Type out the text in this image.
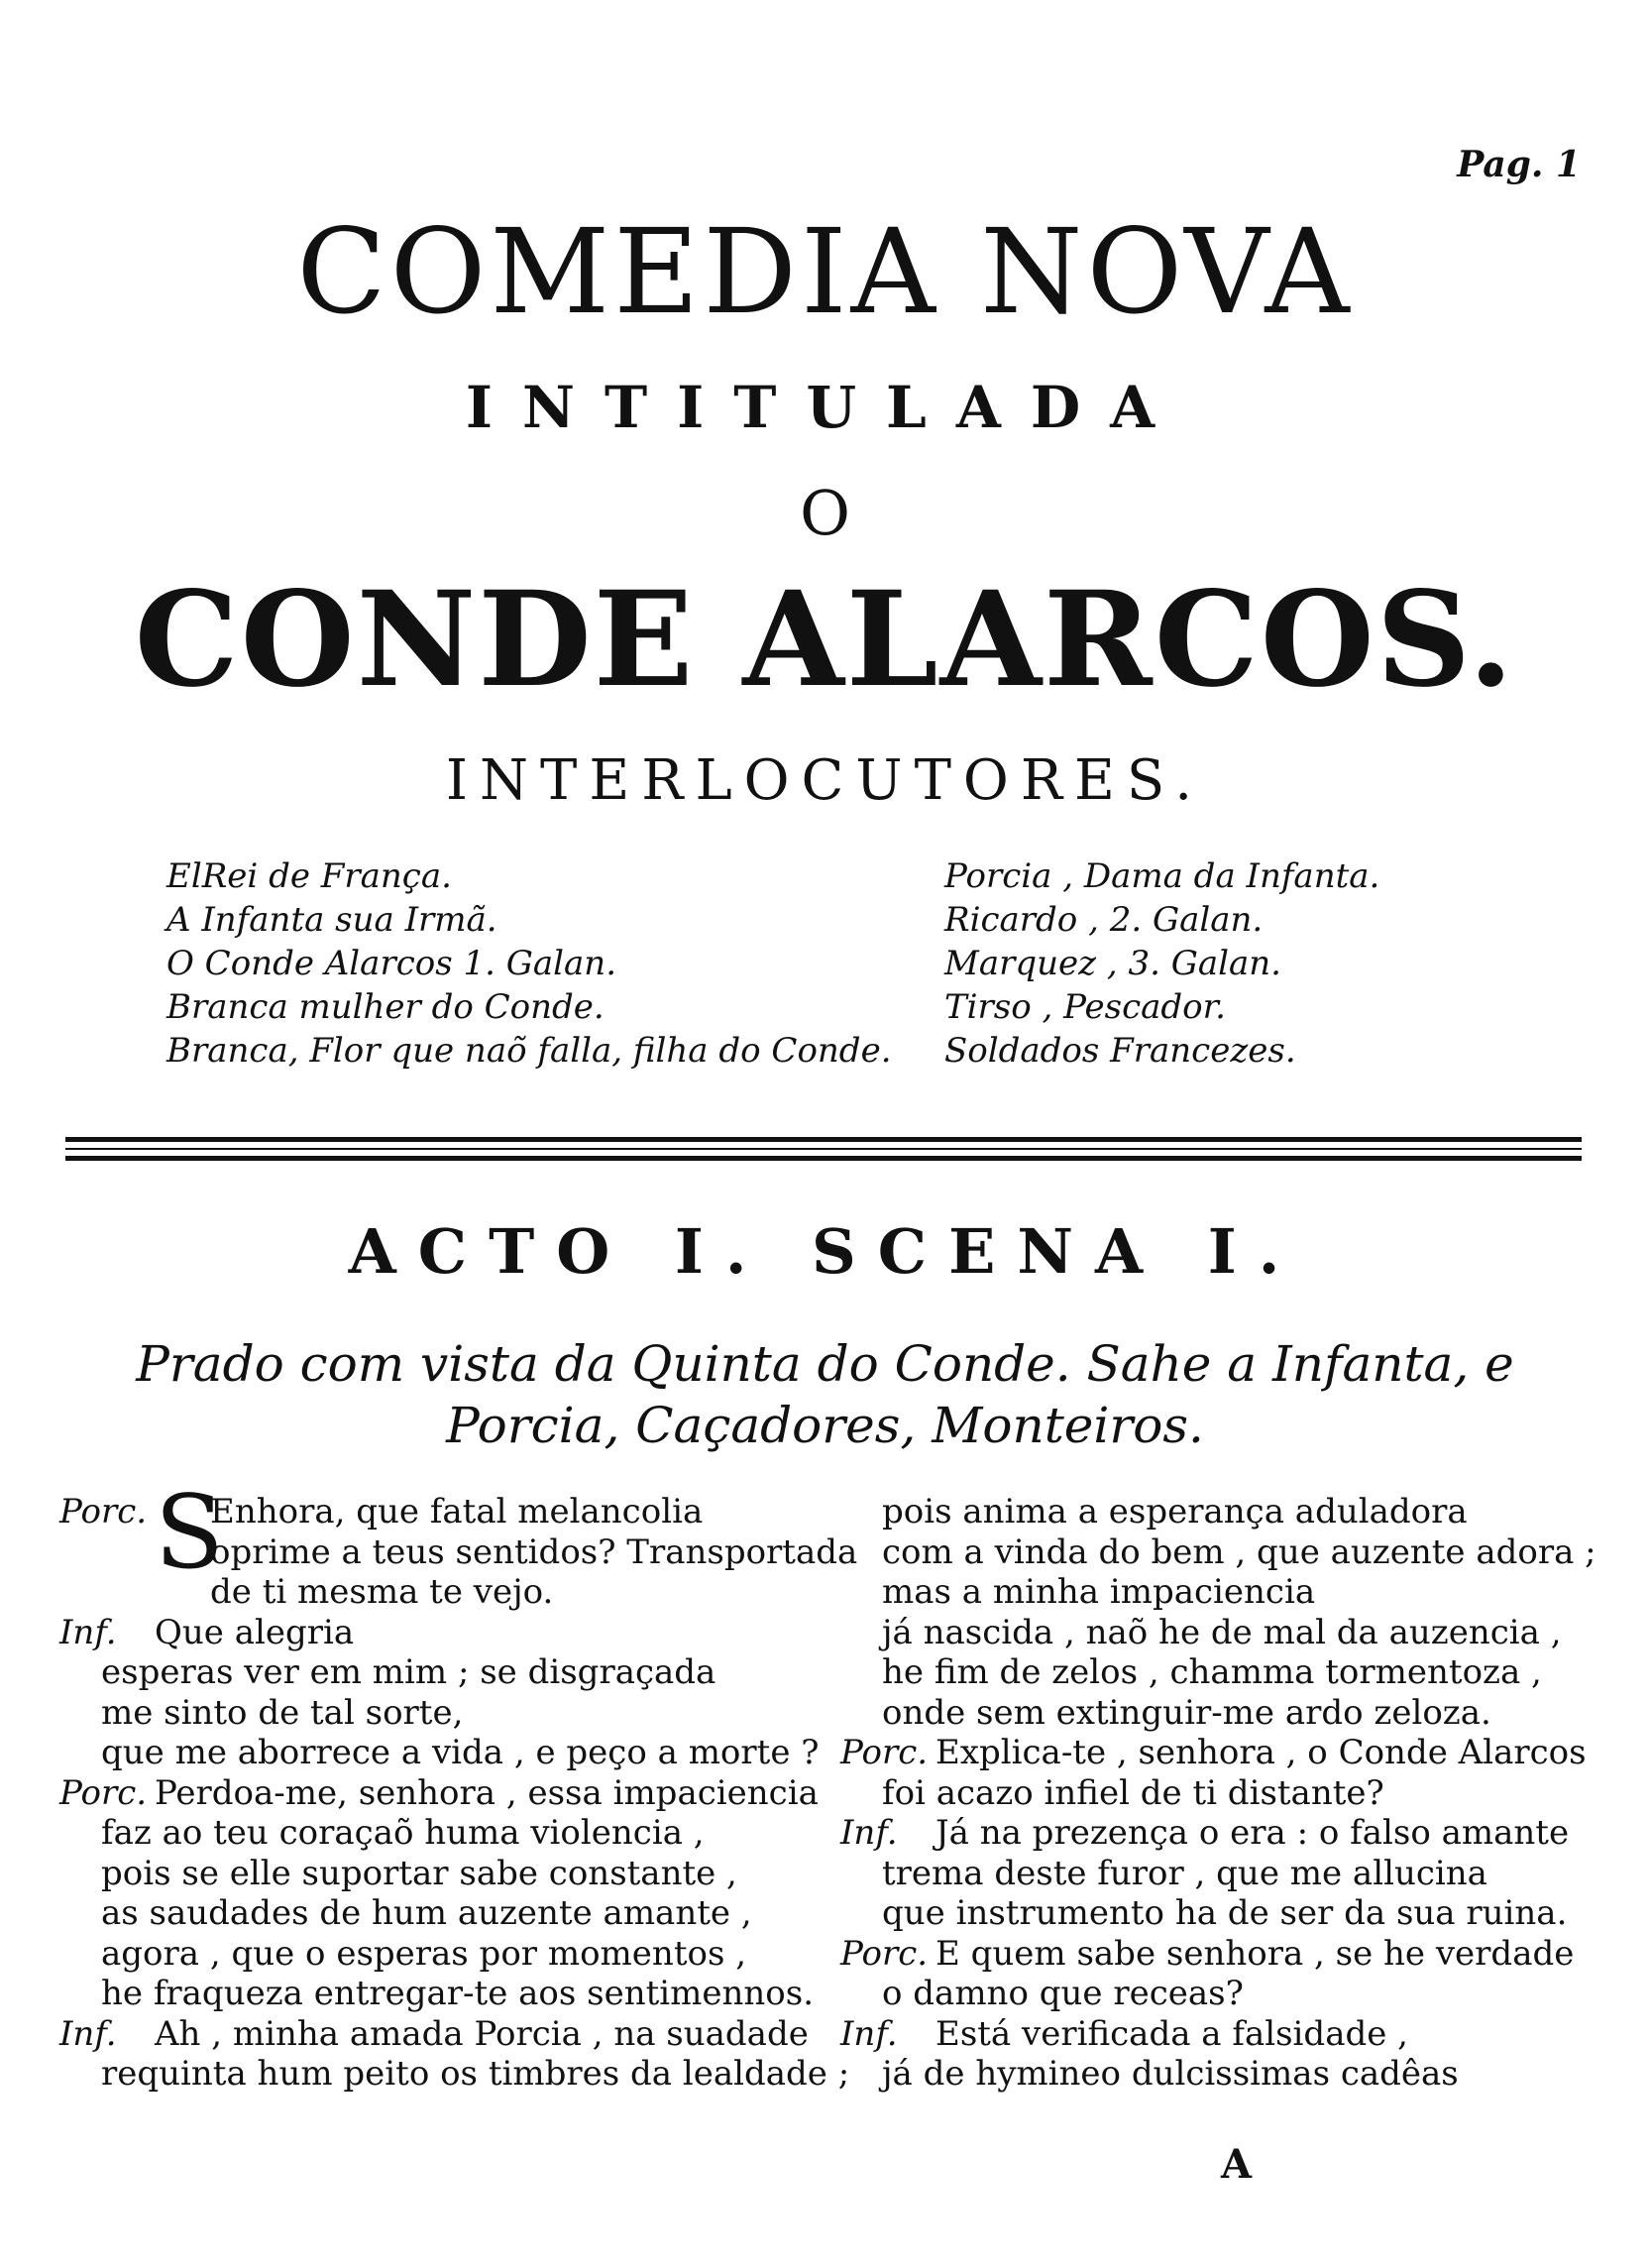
Pag. 1
COMEDIA NOVA
INTITULADA
O
CONDE ALARCOS.
INTERLOCUTORES.
ElRei de França.
A Infanta sua Irmã.
O Conde Alarcos 1. Galan.
Branca mulher do Conde.
Branca, Flor que naõ falla, filha do Conde.
Porcia , Dama da Infanta.
Ricardo , 2. Galan.
Marquez , 3. Galan.
Tirso , Pescador.
Soldados Francezes.
ACTO I. SCENA I.
Prado com vista da Quinta do Conde. Sahe a Infanta, e Porcia, Caçadores, Monteiros.
Porc. S
Enhora, que fatal melancolia
oprime a teus sentidos? Transportada
de ti mesma te vejo.
Inf. Que alegria
esperas ver em mim ; se disgraçada
me sinto de tal sorte,
que me aborrece a vida , e peço a morte ?
Porc. Perdoa-me, senhora , essa impaciencia
faz ao teu coraçaõ huma violencia ,
pois se elle suportar sabe constante ,
as saudades de hum auzente amante ,
agora , que o esperas por momentos ,
he fraqueza entregar-te aos sentimennos.
Inf. Ah , minha amada Porcia , na suadade
requinta hum peito os timbres da lealdade ;
pois anima a esperança aduladora
com a vinda do bem , que auzente adora ;
mas a minha impaciencia
já nascida , naõ he de mal da auzencia ,
he fim de zelos , chamma tormentoza ,
onde sem extinguir-me ardo zeloza.
Porc. Explica-te , senhora , o Conde Alarcos
foi acazo infiel de ti distante?
Inf. Já na prezença o era : o falso amante
trema deste furor , que me allucina
que instrumento ha de ser da sua ruina.
Porc. E quem sabe senhora , se he verdade
o damno que receas?
Inf. Está verificada a falsidade ,
já de hymineo dulcissimas cadêas
A
